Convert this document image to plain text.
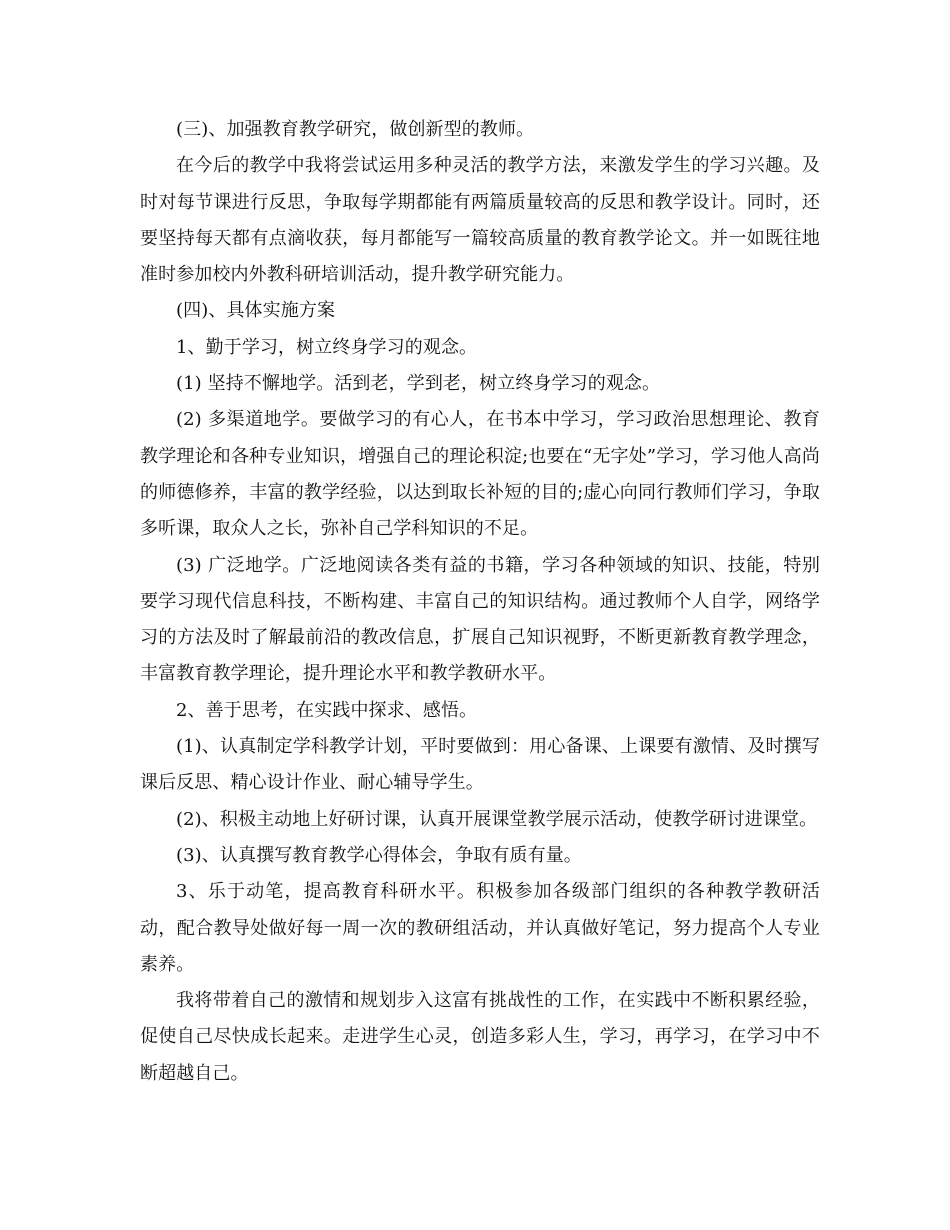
(三)、加强教育教学研究，做创新型的教师。

在今后的教学中我将尝试运用多种灵活的教学方法，来激发学生的学习兴趣。及时对每节课进行反思，争取每学期都能有两篇质量较高的反思和教学设计。同时，还要坚持每天都有点滴收获，每月都能写一篇较高质量的教育教学论文。并一如既往地准时参加校内外教科研培训活动，提升教学研究能力。

(四)、具体实施方案

1、勤于学习，树立终身学习的观念。

(1) 坚持不懈地学。活到老，学到老，树立终身学习的观念。

(2) 多渠道地学。要做学习的有心人，在书本中学习，学习政治思想理论、教育教学理论和各种专业知识，增强自己的理论积淀;也要在“无字处”学习，学习他人高尚的师德修养，丰富的教学经验，以达到取长补短的目的;虚心向同行教师们学习，争取多听课，取众人之长，弥补自己学科知识的不足。

(3) 广泛地学。广泛地阅读各类有益的书籍，学习各种领域的知识、技能，特别要学习现代信息科技，不断构建、丰富自己的知识结构。通过教师个人自学，网络学习的方法及时了解最前沿的教改信息，扩展自己知识视野，不断更新教育教学理念，丰富教育教学理论，提升理论水平和教学教研水平。

2、善于思考，在实践中探求、感悟。

(1)、认真制定学科教学计划，平时要做到：用心备课、上课要有激情、及时撰写课后反思、精心设计作业、耐心辅导学生。

(2)、积极主动地上好研讨课，认真开展课堂教学展示活动，使教学研讨进课堂。

(3)、认真撰写教育教学心得体会，争取有质有量。

3、乐于动笔，提高教育科研水平。积极参加各级部门组织的各种教学教研活动，配合教导处做好每一周一次的教研组活动，并认真做好笔记，努力提高个人专业素养。

我将带着自己的激情和规划步入这富有挑战性的工作，在实践中不断积累经验，促使自己尽快成长起来。走进学生心灵，创造多彩人生，学习，再学习，在学习中不断超越自己。
